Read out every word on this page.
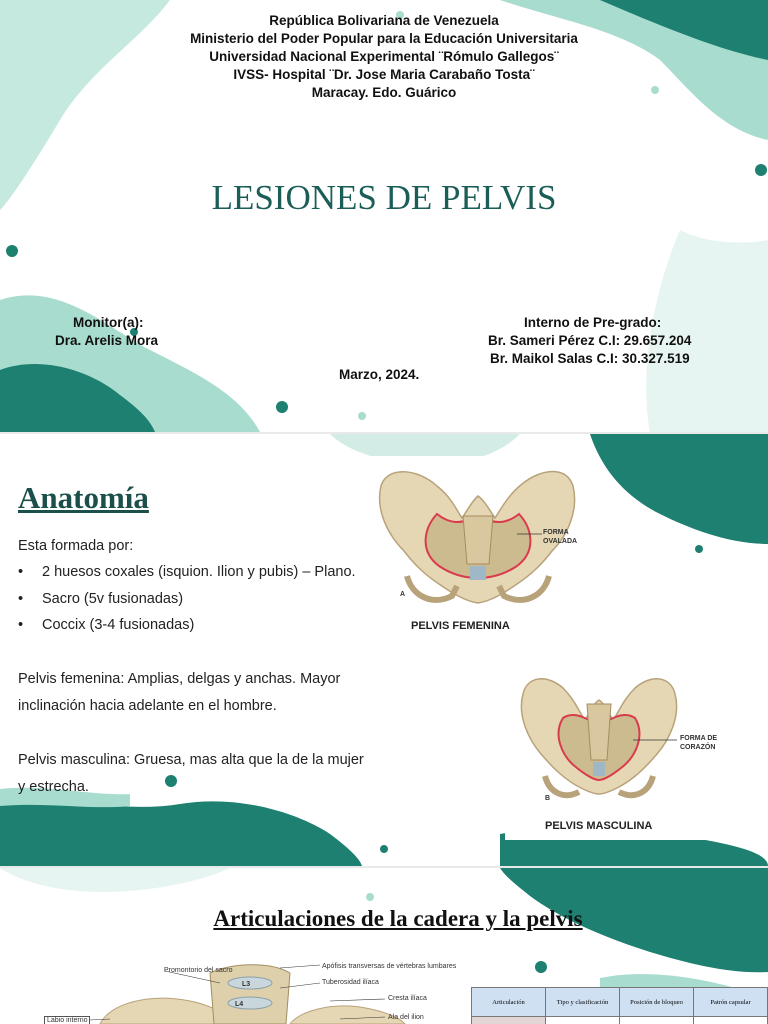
República Bolivariana de Venezuela
Ministerio del Poder Popular para la Educación Universitaria
Universidad Nacional Experimental ¨Rómulo Gallegos¨
IVSS- Hospital ¨Dr. Jose Maria Carabaño Tosta¨
Maracay. Edo. Guárico
LESIONES DE PELVIS
Monitor(a):
Dra. Arelis Mora
Interno de Pre-grado:
Br. Sameri Pérez C.I: 29.657.204
Br. Maikol Salas C.I: 30.327.519
Marzo, 2024.
Anatomía
Esta formada por:
• 2 huesos coxales (isquion. Ilion y pubis) – Plano.
• Sacro (5v fusionadas)
• Coccix (3-4 fusionadas)
Pelvis femenina: Amplias, delgas y anchas. Mayor
inclinación hacia adelante en el hombre.
Pelvis masculina: Gruesa, mas alta que la de la mujer
y estrecha.
A
FORMA
OVALADA
PELVIS FEMENINA
B
FORMA DE
CORAZÓN
PELVIS MASCULINA
Articulaciones de la cadera y la pelvis
Promontorio del sacro
Apófisis transversas de vértebras lumbares
Tuberosidad ilíaca
Cresta ilíaca
Ala del ilion
Labio interno
L3
L4	Articulación	Tipo y clasificación	Posición de bloqueo	Patrón capsular
